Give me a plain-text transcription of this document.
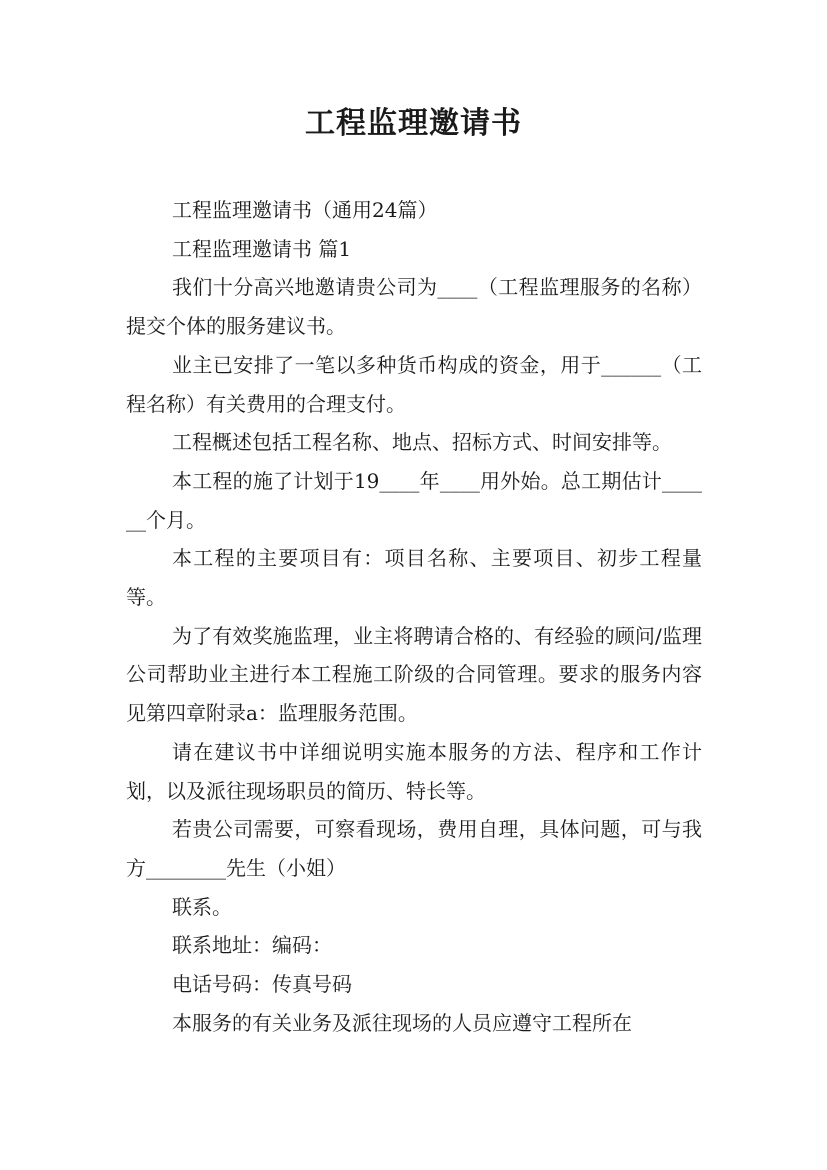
工程监理邀请书

工程监理邀请书（通用24篇）

工程监理邀请书 篇1

我们十分高兴地邀请贵公司为____（工程监理服务的名称）提交个体的服务建议书。

业主已安排了一笔以多种货币构成的资金，用于______（工程名称）有关费用的合理支付。

工程概述包括工程名称、地点、招标方式、时间安排等。

本工程的施了计划于19____年____用外始。总工期估计______个月。

本工程的主要项目有：项目名称、主要项目、初步工程量等。

为了有效奖施监理，业主将聘请合格的、有经验的顾问/监理公司帮助业主进行本工程施工阶级的合同管理。要求的服务内容见第四章附录a：监理服务范围。

请在建议书中详细说明实施本服务的方法、程序和工作计划，以及派往现场职员的简历、特长等。

若贵公司需要，可察看现场，费用自理，具体问题，可与我方________先生（小姐）

联系。

联系地址：编码：

电话号码：传真号码

本服务的有关业务及派往现场的人员应遵守工程所在
